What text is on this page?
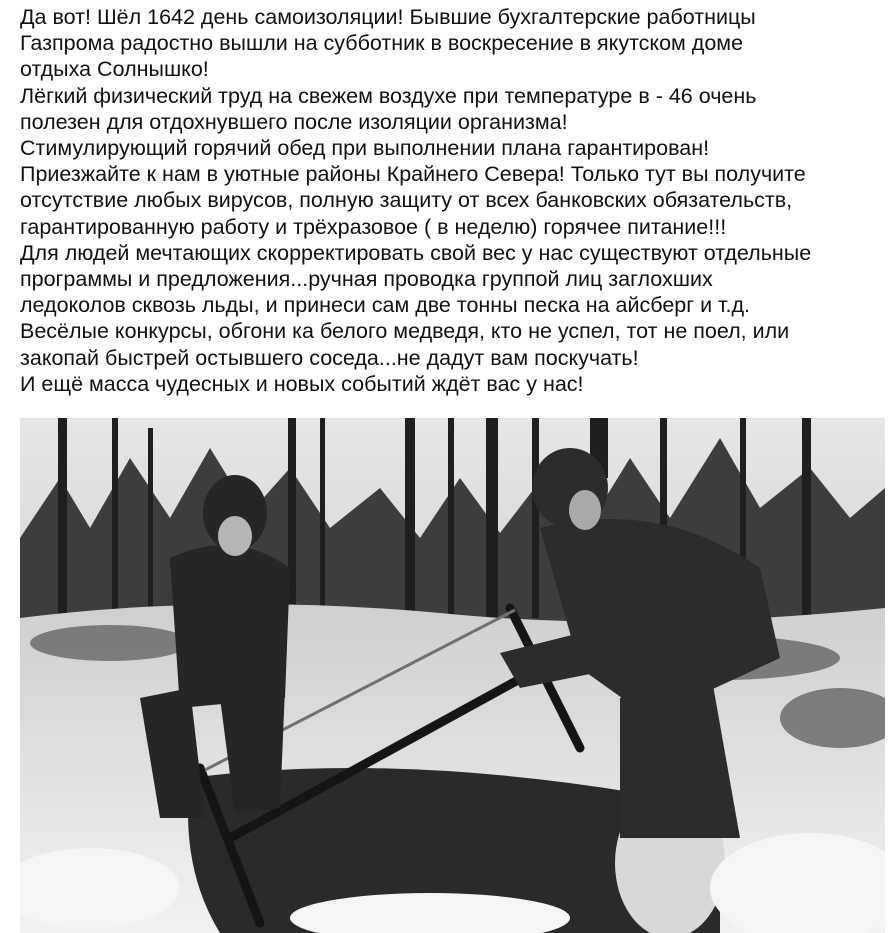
Да вот! Шёл 1642 день самоизоляции! Бывшие бухгалтерские работницы
Газпрома радостно вышли на субботник в воскресение в якутском доме
отдыха Солнышко!
Лёгкий физический труд на свежем воздухе при температуре в - 46 очень
полезен для отдохнувшего после изоляции организма!
Стимулирующий горячий обед при выполнении плана гарантирован!
Приезжайте к нам в уютные районы Крайнего Севера! Только тут вы получите
отсутствие любых вирусов, полную защиту от всех банковских обязательств,
гарантированную работу и трёхразовое ( в неделю) горячее питание!!!
Для людей мечтающих скорректировать свой вес у нас существуют отдельные
программы и предложения...ручная проводка группой лиц заглохших
ледоколов сквозь льды, и принеси сам две тонны песка на айсберг и т.д.
Весёлые конкурсы, обгони ка белого медведя, кто не успел, тот не поел, или
закопай быстрей остывшего соседа...не дадут вам поскучать!
И ещё масса чудесных и новых событий ждёт вас у нас!
